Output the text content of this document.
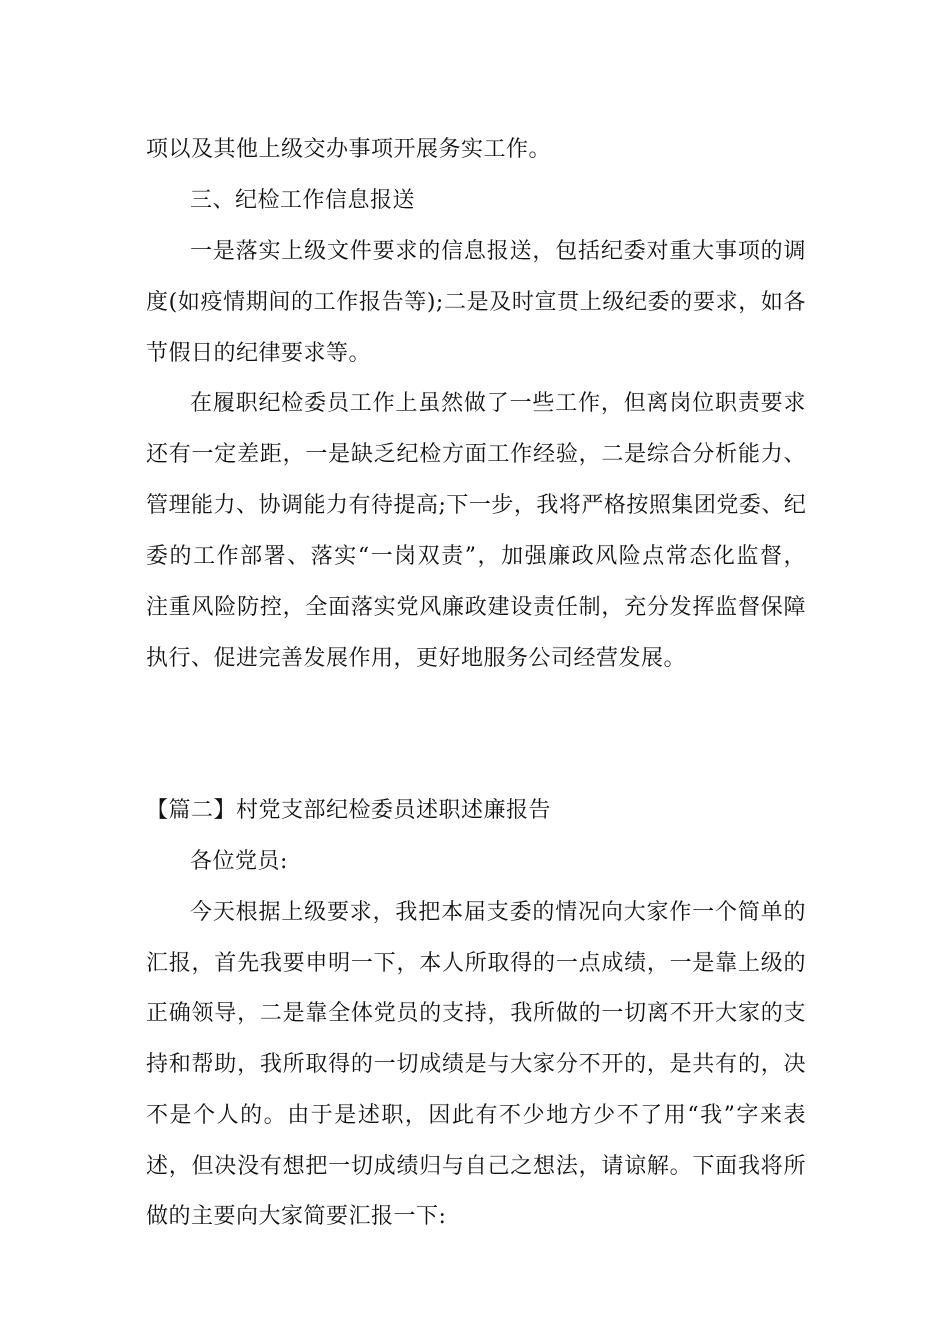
项以及其他上级交办事项开展务实工作。
三、纪检工作信息报送
一是落实上级文件要求的信息报送，包括纪委对重大事项的调
度(如疫情期间的工作报告等);二是及时宣贯上级纪委的要求，如各
节假日的纪律要求等。
在履职纪检委员工作上虽然做了一些工作，但离岗位职责要求
还有一定差距，一是缺乏纪检方面工作经验，二是综合分析能力、
管理能力、协调能力有待提高;下一步，我将严格按照集团党委、纪
委的工作部署、落实“一岗双责”，加强廉政风险点常态化监督，
注重风险防控，全面落实党风廉政建设责任制，充分发挥监督保障
执行、促进完善发展作用，更好地服务公司经营发展。
【篇二】村党支部纪检委员述职述廉报告
各位党员:
今天根据上级要求，我把本届支委的情况向大家作一个简单的
汇报，首先我要申明一下，本人所取得的一点成绩，一是靠上级的
正确领导，二是靠全体党员的支持，我所做的一切离不开大家的支
持和帮助，我所取得的一切成绩是与大家分不开的，是共有的，决
不是个人的。由于是述职，因此有不少地方少不了用“我”字来表
述，但决没有想把一切成绩归与自己之想法，请谅解。下面我将所
做的主要向大家简要汇报一下:
